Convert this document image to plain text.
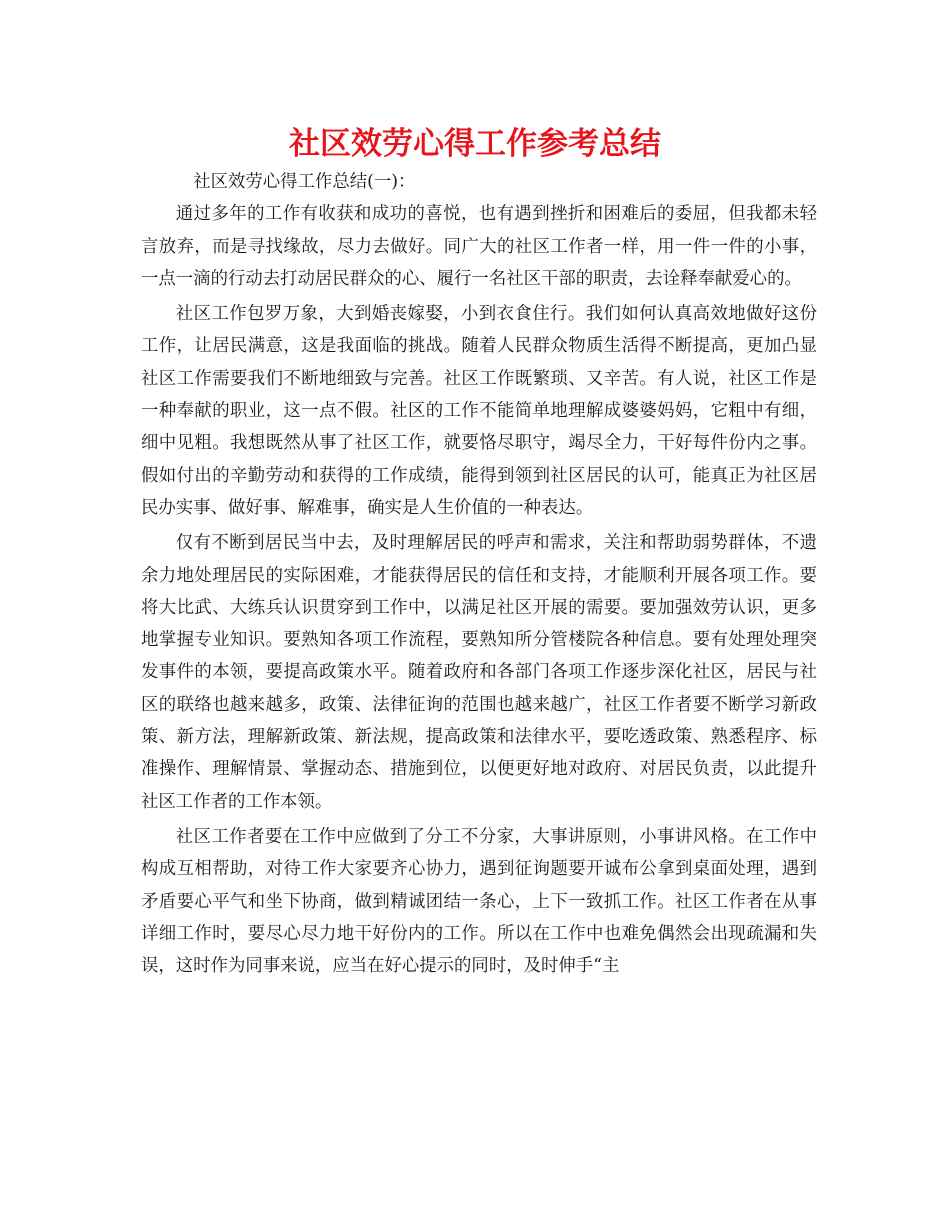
社区效劳心得工作参考总结

社区效劳心得工作总结(一)：

通过多年的工作有收获和成功的喜悦，也有遇到挫折和困难后的委屈，但我都未轻言放弃，而是寻找缘故，尽力去做好。同广大的社区工作者一样，用一件一件的小事，一点一滴的行动去打动居民群众的心、履行一名社区干部的职责，去诠释奉献爱心的。

社区工作包罗万象，大到婚丧嫁娶，小到衣食住行。我们如何认真高效地做好这份工作，让居民满意，这是我面临的挑战。随着人民群众物质生活得不断提高，更加凸显社区工作需要我们不断地细致与完善。社区工作既繁琐、又辛苦。有人说，社区工作是一种奉献的职业，这一点不假。社区的工作不能简单地理解成婆婆妈妈，它粗中有细，细中见粗。我想既然从事了社区工作，就要恪尽职守，竭尽全力，干好每件份内之事。假如付出的辛勤劳动和获得的工作成绩，能得到领到社区居民的认可，能真正为社区居民办实事、做好事、解难事，确实是人生价值的一种表达。

仅有不断到居民当中去，及时理解居民的呼声和需求，关注和帮助弱势群体，不遗余力地处理居民的实际困难，才能获得居民的信任和支持，才能顺利开展各项工作。要将大比武、大练兵认识贯穿到工作中，以满足社区开展的需要。要加强效劳认识，更多地掌握专业知识。要熟知各项工作流程，要熟知所分管楼院各种信息。要有处理处理突发事件的本领，要提高政策水平。随着政府和各部门各项工作逐步深化社区，居民与社区的联络也越来越多，政策、法律征询的范围也越来越广，社区工作者要不断学习新政策、新方法，理解新政策、新法规，提高政策和法律水平，要吃透政策、熟悉程序、标准操作、理解情景、掌握动态、措施到位，以便更好地对政府、对居民负责，以此提升社区工作者的工作本领。

社区工作者要在工作中应做到了分工不分家，大事讲原则，小事讲风格。在工作中构成互相帮助，对待工作大家要齐心协力，遇到征询题要开诚布公拿到桌面处理，遇到矛盾要心平气和坐下协商，做到精诚团结一条心，上下一致抓工作。社区工作者在从事详细工作时，要尽心尽力地干好份内的工作。所以在工作中也难免偶然会出现疏漏和失误，这时作为同事来说，应当在好心提示的同时，及时伸手“主
